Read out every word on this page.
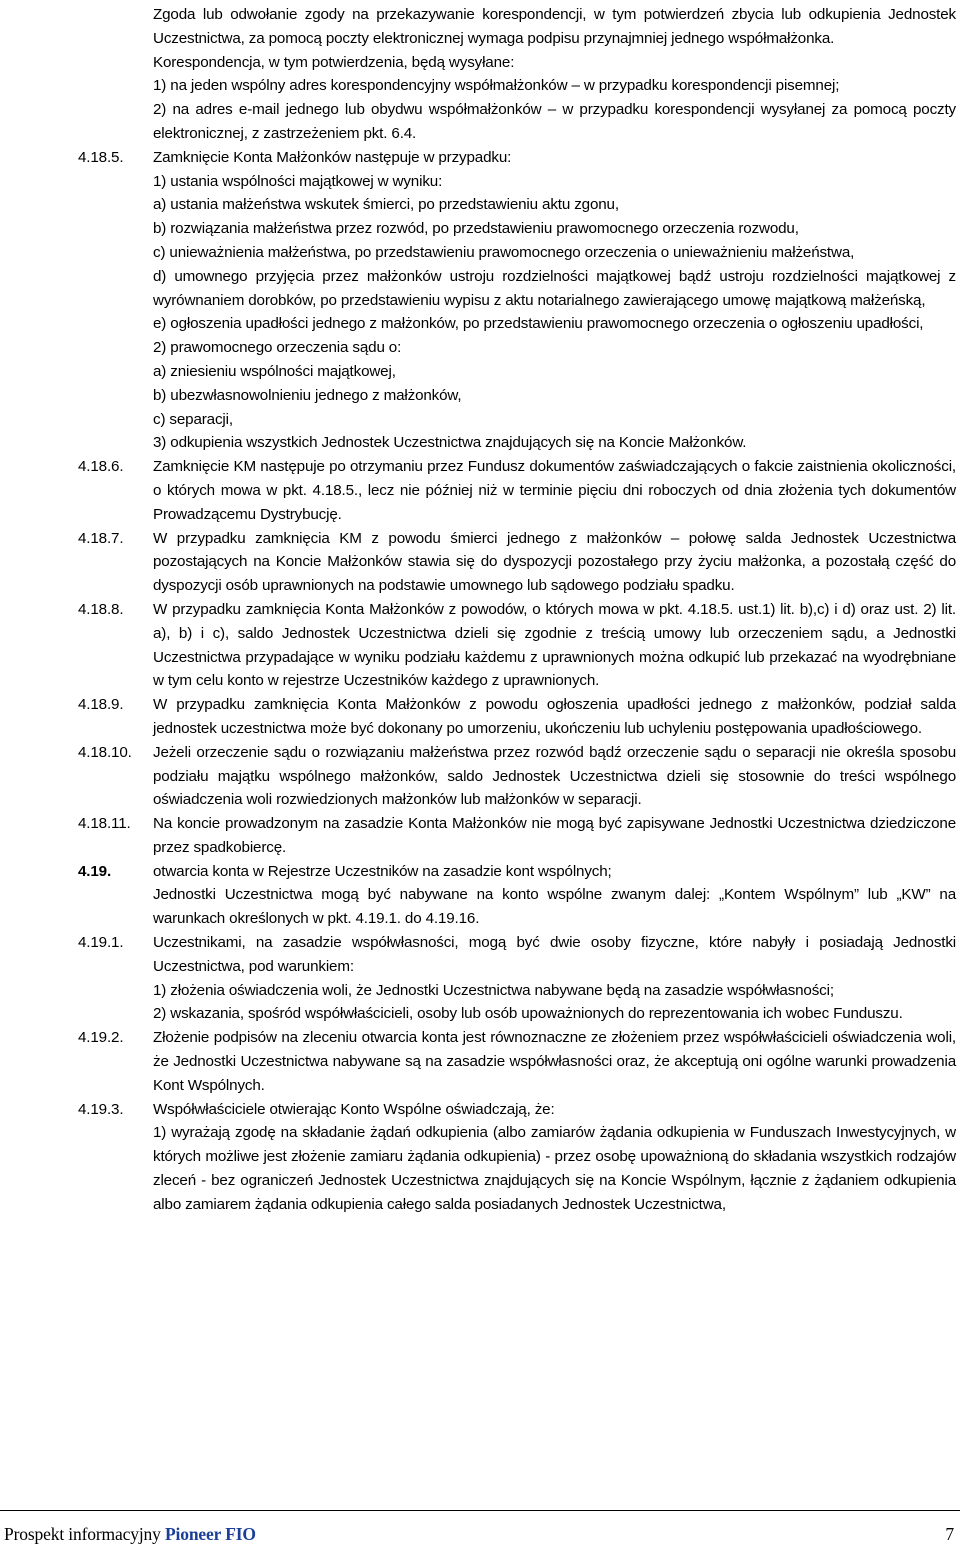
Zgoda lub odwołanie zgody na przekazywanie korespondencji, w tym potwierdzeń zbycia lub odkupienia Jednostek Uczestnictwa, za pomocą poczty elektronicznej wymaga podpisu przynajmniej jednego współmałżonka.
Korespondencja, w tym potwierdzenia, będą wysyłane:
1) na jeden wspólny adres korespondencyjny współmałżonków – w przypadku korespondencji pisemnej;
2) na adres e-mail jednego lub obydwu współmałżonków – w przypadku korespondencji wysyłanej za pomocą poczty elektronicznej, z zastrzeżeniem pkt. 6.4.
4.18.5.	Zamknięcie Konta Małżonków następuje w przypadku:
1) ustania wspólności majątkowej w wyniku:
a) ustania małżeństwa wskutek śmierci, po przedstawieniu aktu zgonu,
b) rozwiązania małżeństwa przez rozwód, po przedstawieniu prawomocnego orzeczenia rozwodu,
c) unieważnienia małżeństwa, po przedstawieniu prawomocnego orzeczenia o unieważnieniu małżeństwa,
d) umownego przyjęcia przez małżonków ustroju rozdzielności majątkowej bądź ustroju rozdzielności majątkowej z wyrównaniem dorobków, po przedstawieniu wypisu z aktu notarialnego zawierającego umowę majątkową małżeńską,
e) ogłoszenia upadłości jednego z małżonków, po przedstawieniu prawomocnego orzeczenia o ogłoszeniu upadłości,
2) prawomocnego orzeczenia sądu o:
a) zniesieniu wspólności majątkowej,
b) ubezwłasnowolnieniu jednego z małżonków,
c) separacji,
3) odkupienia wszystkich Jednostek Uczestnictwa znajdujących się na Koncie Małżonków.
4.18.6.	Zamknięcie KM następuje po otrzymaniu przez Fundusz dokumentów zaświadczających o fakcie zaistnienia okoliczności, o których mowa w pkt. 4.18.5., lecz nie później niż w terminie pięciu dni roboczych od dnia złożenia tych dokumentów Prowadzącemu Dystrybucję.
4.18.7.	W przypadku zamknięcia KM z powodu śmierci jednego z małżonków – połowę salda Jednostek Uczestnictwa pozostających na Koncie Małżonków stawia się do dyspozycji pozostałego przy życiu małżonka, a pozostałą część do dyspozycji osób uprawnionych na podstawie umownego lub sądowego podziału spadku.
4.18.8.	W przypadku zamknięcia Konta Małżonków z powodów, o których mowa w pkt. 4.18.5. ust.1) lit. b),c) i d) oraz ust. 2) lit. a), b) i c), saldo Jednostek Uczestnictwa dzieli się zgodnie z treścią umowy lub orzeczeniem sądu, a Jednostki Uczestnictwa przypadające w wyniku podziału każdemu z uprawnionych można odkupić lub przekazać na wyodrębniane w tym celu konto w rejestrze Uczestników każdego z uprawnionych.
4.18.9.	W przypadku zamknięcia Konta Małżonków z powodu ogłoszenia upadłości jednego z małżonków, podział salda jednostek uczestnictwa może być dokonany po umorzeniu, ukończeniu lub uchyleniu postępowania upadłościowego.
4.18.10.	Jeżeli orzeczenie sądu o rozwiązaniu małżeństwa przez rozwód bądź orzeczenie sądu o separacji nie określa sposobu podziału majątku wspólnego małżonków, saldo Jednostek Uczestnictwa dzieli się stosownie do treści wspólnego oświadczenia woli rozwiedzionych małżonków lub małżonków w separacji.
4.18.11.	Na koncie prowadzonym na zasadzie Konta Małżonków nie mogą być zapisywane Jednostki Uczestnictwa dziedziczone przez spadkobiercę.
4.19.	otwarcia konta w Rejestrze Uczestników na zasadzie kont wspólnych;
Jednostki Uczestnictwa mogą być nabywane na konto wspólne zwanym dalej: „Kontem Wspólnym” lub „KW” na warunkach określonych w pkt. 4.19.1. do 4.19.16.
4.19.1.	Uczestnikami, na zasadzie współwłasności, mogą być dwie osoby fizyczne, które nabyły i posiadają Jednostki Uczestnictwa, pod warunkiem:
1) złożenia oświadczenia woli, że Jednostki Uczestnictwa nabywane będą na zasadzie współwłasności;
2) wskazania, spośród współwłaścicieli, osoby lub osób upoważnionych do reprezentowania ich wobec Funduszu.
4.19.2.	Złożenie podpisów na zleceniu otwarcia konta jest równoznaczne ze złożeniem przez współwłaścicieli oświadczenia woli, że Jednostki Uczestnictwa nabywane są na zasadzie współwłasności oraz, że akceptują oni ogólne warunki prowadzenia Kont Wspólnych.
4.19.3.	Współwłaściciele otwierając Konto Wspólne oświadczają, że:
1) wyrażają zgodę na składanie żądań odkupienia (albo zamiarów żądania odkupienia w Funduszach Inwestycyjnych, w których możliwe jest złożenie zamiaru żądania odkupienia) - przez osobę upoważnioną do składania wszystkich rodzajów zleceń - bez ograniczeń Jednostek Uczestnictwa znajdujących się na Koncie Wspólnym, łącznie z żądaniem odkupienia albo zamiarem żądania odkupienia całego salda posiadanych Jednostek Uczestnictwa,
Prospekt informacyjny Pioneer FIO	7
